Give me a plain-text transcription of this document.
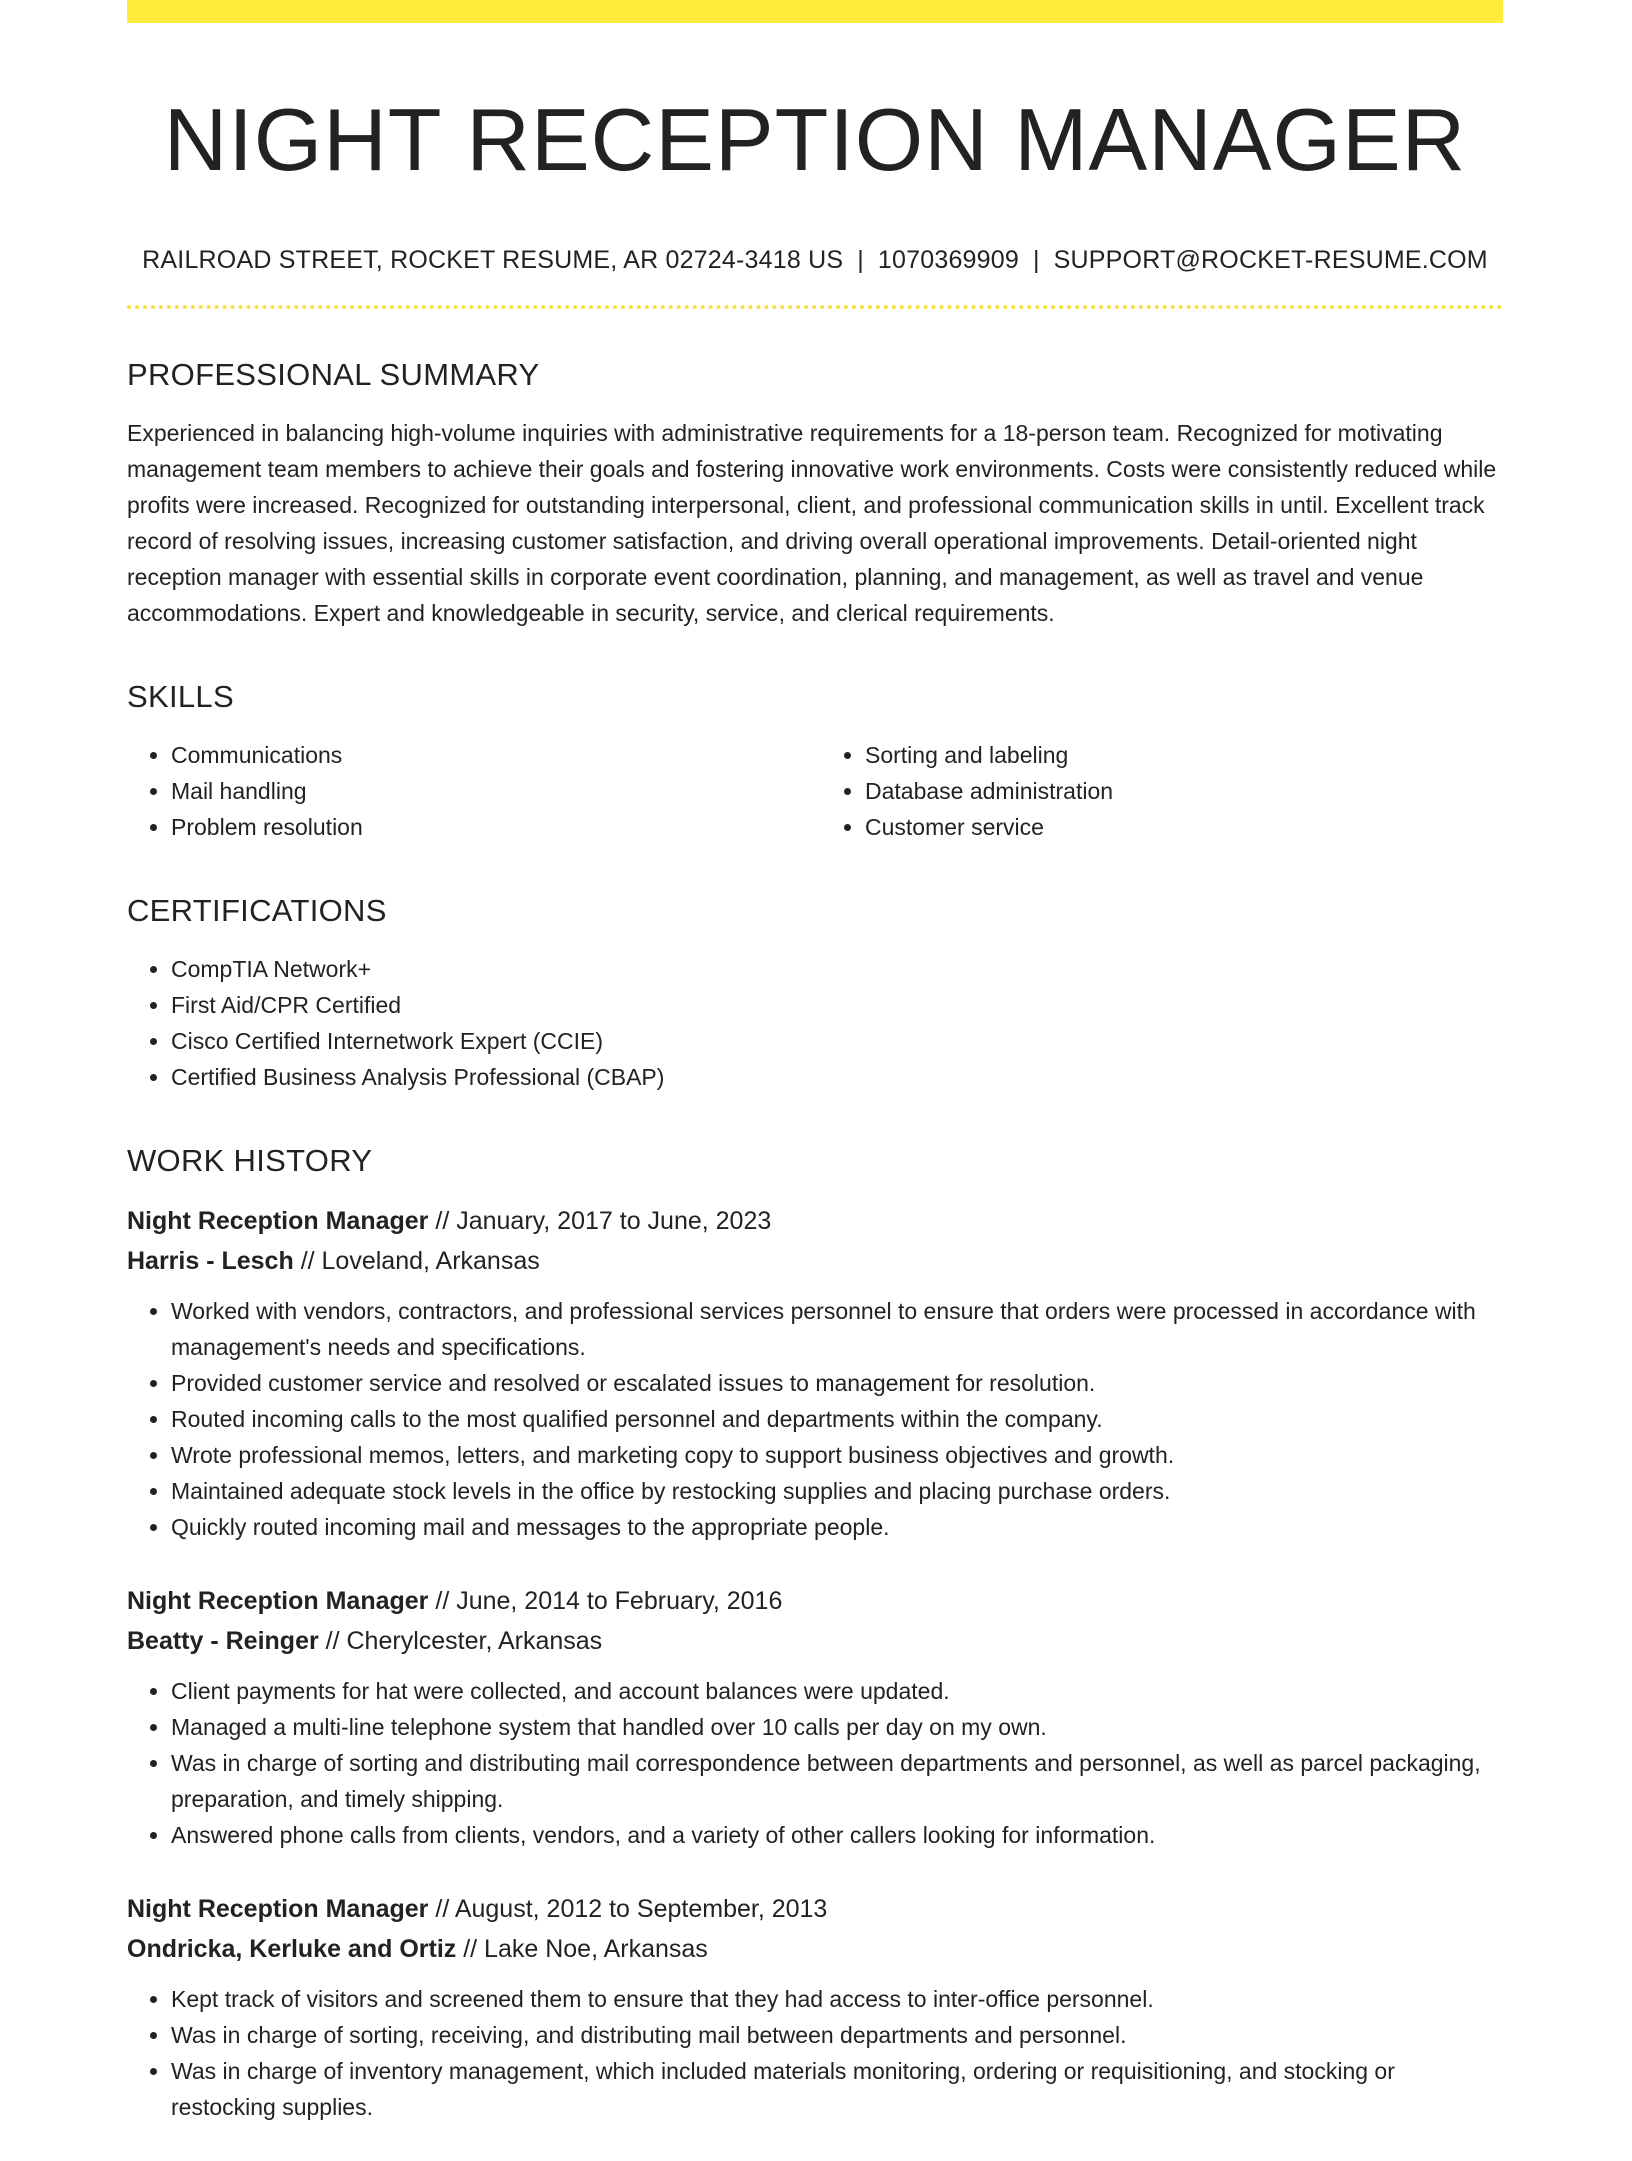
NIGHT RECEPTION MANAGER
RAILROAD STREET, ROCKET RESUME, AR 02724-3418 US | 1070369909 | SUPPORT@ROCKET-RESUME.COM
PROFESSIONAL SUMMARY

Experienced in balancing high-volume inquiries with administrative requirements for a 18-person team. Recognized for motivating management team members to achieve their goals and fostering innovative work environments. Costs were consistently reduced while profits were increased. Recognized for outstanding interpersonal, client, and professional communication skills in until. Excellent track record of resolving issues, increasing customer satisfaction, and driving overall operational improvements. Detail-oriented night reception manager with essential skills in corporate event coordination, planning, and management, as well as travel and venue accommodations. Expert and knowledgeable in security, service, and clerical requirements.

SKILLS
• Communications
• Mail handling
• Problem resolution
• Sorting and labeling
• Database administration
• Customer service
CERTIFICATIONS
• CompTIA Network+
• First Aid/CPR Certified
• Cisco Certified Internetwork Expert (CCIE)
• Certified Business Analysis Professional (CBAP)
WORK HISTORY
Night Reception Manager // January, 2017 to June, 2023
Harris - Lesch // Loveland, Arkansas
• Worked with vendors, contractors, and professional services personnel to ensure that orders were processed in accordance with management's needs and specifications.
• Provided customer service and resolved or escalated issues to management for resolution.
• Routed incoming calls to the most qualified personnel and departments within the company.
• Wrote professional memos, letters, and marketing copy to support business objectives and growth.
• Maintained adequate stock levels in the office by restocking supplies and placing purchase orders.
• Quickly routed incoming mail and messages to the appropriate people.
Night Reception Manager // June, 2014 to February, 2016
Beatty - Reinger // Cherylcester, Arkansas
• Client payments for hat were collected, and account balances were updated.
• Managed a multi-line telephone system that handled over 10 calls per day on my own.
• Was in charge of sorting and distributing mail correspondence between departments and personnel, as well as parcel packaging, preparation, and timely shipping.
• Answered phone calls from clients, vendors, and a variety of other callers looking for information.
Night Reception Manager // August, 2012 to September, 2013
Ondricka, Kerluke and Ortiz // Lake Noe, Arkansas
• Kept track of visitors and screened them to ensure that they had access to inter-office personnel.
• Was in charge of sorting, receiving, and distributing mail between departments and personnel.
• Was in charge of inventory management, which included materials monitoring, ordering or requisitioning, and stocking or restocking supplies.
